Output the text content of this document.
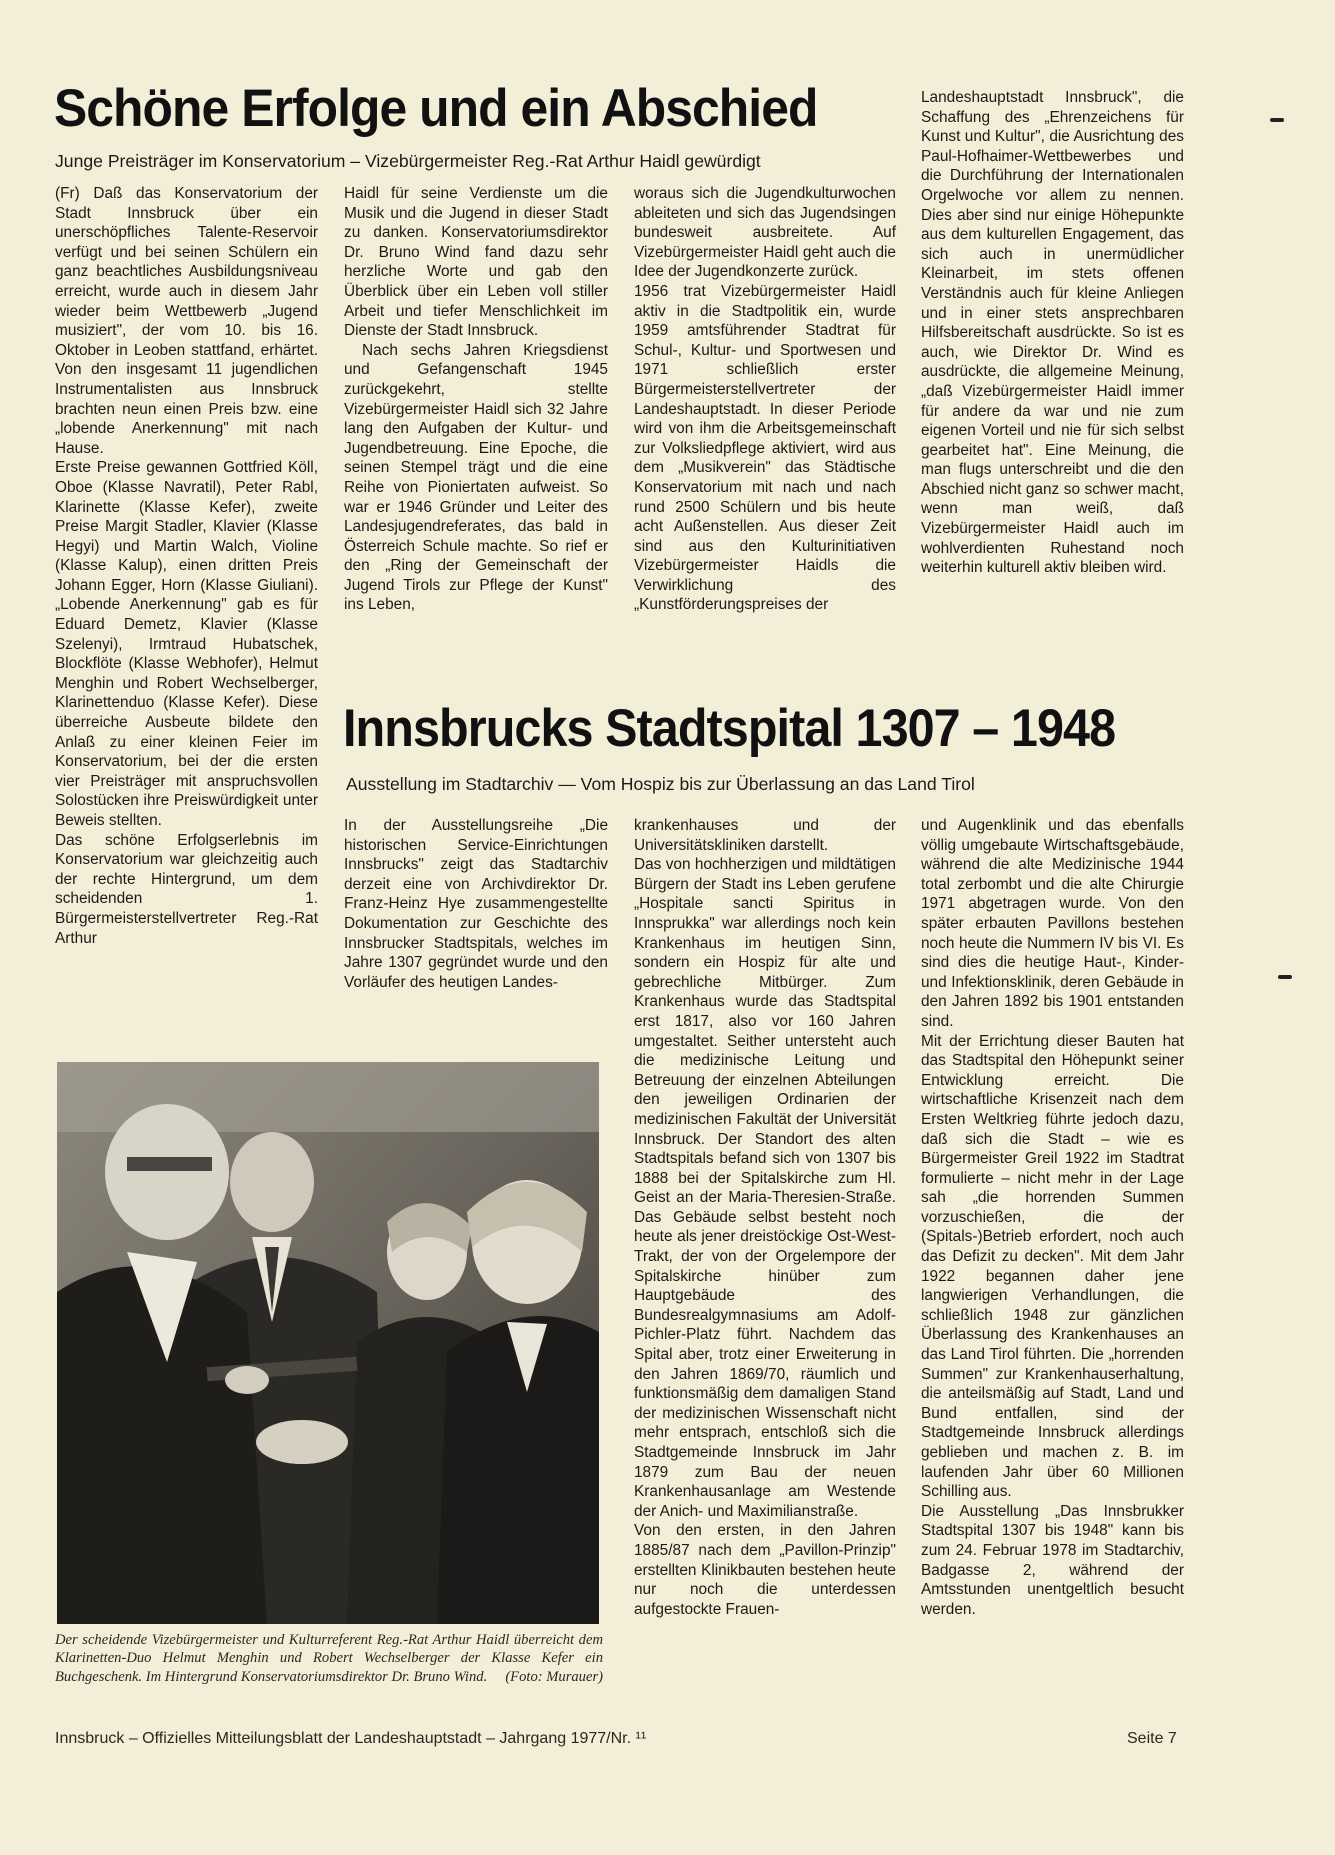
Schöne Erfolge und ein Abschied
Junge Preisträger im Konservatorium – Vizebürgermeister Reg.-Rat Arthur Haidl gewürdigt

(Fr) Daß das Konservatorium der Stadt Innsbruck über ein unerschöpfliches Talente-Reservoir verfügt und bei seinen Schülern ein ganz beachtliches Ausbildungsniveau erreicht, wurde auch in diesem Jahr wieder beim Wettbewerb „Jugend musiziert", der vom 10. bis 16. Oktober in Leoben stattfand, erhärtet. Von den insgesamt 11 jugendlichen Instrumentalisten aus Innsbruck brachten neun einen Preis bzw. eine „lobende Anerkennung" mit nach Hause.

Erste Preise gewannen Gottfried Köll, Oboe (Klasse Navratil), Peter Rabl, Klarinette (Klasse Kefer), zweite Preise Margit Stadler, Klavier (Klasse Hegyi) und Martin Walch, Violine (Klasse Kalup), einen dritten Preis Johann Egger, Horn (Klasse Giuliani). „Lobende Anerkennung" gab es für Eduard Demetz, Klavier (Klasse Szelenyi), Irmtraud Hubatschek, Blockflöte (Klasse Webhofer), Helmut Menghin und Robert Wechselberger, Klarinettenduo (Klasse Kefer). Diese überreiche Ausbeute bildete den Anlaß zu einer kleinen Feier im Konservatorium, bei der die ersten vier Preisträger mit anspruchsvollen Solostücken ihre Preiswürdigkeit unter Beweis stellten.

Das schöne Erfolgserlebnis im Konservatorium war gleichzeitig auch der rechte Hintergrund, um dem scheidenden 1. Bürgermeisterstellvertreter Reg.-Rat Arthur

Haidl für seine Verdienste um die Musik und die Jugend in dieser Stadt zu danken. Konservatoriumsdirektor Dr. Bruno Wind fand dazu sehr herzliche Worte und gab den Überblick über ein Leben voll stiller Arbeit und tiefer Menschlichkeit im Dienste der Stadt Innsbruck.

Nach sechs Jahren Kriegsdienst und Gefangenschaft 1945 zurückgekehrt, stellte Vizebürgermeister Haidl sich 32 Jahre lang den Aufgaben der Kultur- und Jugendbetreuung. Eine Epoche, die seinen Stempel trägt und die eine Reihe von Pioniertaten aufweist. So war er 1946 Gründer und Leiter des Landesjugendreferates, das bald in Österreich Schule machte. So rief er den „Ring der Gemeinschaft der Jugend Tirols zur Pflege der Kunst" ins Leben,

woraus sich die Jugendkulturwochen ableiteten und sich das Jugendsingen bundesweit ausbreitete. Auf Vizebürgermeister Haidl geht auch die Idee der Jugendkonzerte zurück.

1956 trat Vizebürgermeister Haidl aktiv in die Stadtpolitik ein, wurde 1959 amtsführender Stadtrat für Schul-, Kultur- und Sportwesen und 1971 schließlich erster Bürgermeisterstellvertreter der Landeshauptstadt. In dieser Periode wird von ihm die Arbeitsgemeinschaft zur Volksliedpflege aktiviert, wird aus dem „Musikverein" das Städtische Konservatorium mit nach und nach rund 2500 Schülern und bis heute acht Außenstellen. Aus dieser Zeit sind aus den Kulturinitiativen Vizebürgermeister Haidls die Verwirklichung des „Kunstförderungspreises der

Landeshauptstadt Innsbruck", die Schaffung des „Ehrenzeichens für Kunst und Kultur", die Ausrichtung des Paul-Hofhaimer-Wettbewerbes und die Durchführung der Internationalen Orgelwoche vor allem zu nennen. Dies aber sind nur einige Höhepunkte aus dem kulturellen Engagement, das sich auch in unermüdlicher Kleinarbeit, im stets offenen Verständnis auch für kleine Anliegen und in einer stets ansprechbaren Hilfsbereitschaft ausdrückte. So ist es auch, wie Direktor Dr. Wind es ausdrückte, die allgemeine Meinung, „daß Vizebürgermeister Haidl immer für andere da war und nie zum eigenen Vorteil und nie für sich selbst gearbeitet hat". Eine Meinung, die man flugs unterschreibt und die den Abschied nicht ganz so schwer macht, wenn man weiß, daß Vizebürgermeister Haidl auch im wohlverdienten Ruhestand noch weiterhin kulturell aktiv bleiben wird.

Innsbrucks Stadtspital 1307 – 1948
Ausstellung im Stadtarchiv — Vom Hospiz bis zur Überlassung an das Land Tirol

In der Ausstellungsreihe „Die historischen Service-Einrichtungen Innsbrucks" zeigt das Stadtarchiv derzeit eine von Archivdirektor Dr. Franz-Heinz Hye zusammengestellte Dokumentation zur Geschichte des Innsbrucker Stadtspitals, welches im Jahre 1307 gegründet wurde und den Vorläufer des heutigen Landes-

krankenhauses und der Universitätskliniken darstellt.

Das von hochherzigen und mildtätigen Bürgern der Stadt ins Leben gerufene „Hospitale sancti Spiritus in Innsprukka" war allerdings noch kein Krankenhaus im heutigen Sinn, sondern ein Hospiz für alte und gebrechliche Mitbürger. Zum Krankenhaus wurde das Stadtspital erst 1817, also vor 160 Jahren umgestaltet. Seither untersteht auch die medizinische Leitung und Betreuung der einzelnen Abteilungen den jeweiligen Ordinarien der medizinischen Fakultät der Universität Innsbruck. Der Standort des alten Stadtspitals befand sich von 1307 bis 1888 bei der Spitalskirche zum Hl. Geist an der Maria-Theresien-Straße. Das Gebäude selbst besteht noch heute als jener dreistöckige Ost-West-Trakt, der von der Orgelempore der Spitalskirche hinüber zum Hauptgebäude des Bundesrealgymnasiums am Adolf-Pichler-Platz führt. Nachdem das Spital aber, trotz einer Erweiterung in den Jahren 1869/70, räumlich und funktionsmäßig dem damaligen Stand der medizinischen Wissenschaft nicht mehr entsprach, entschloß sich die Stadtgemeinde Innsbruck im Jahr 1879 zum Bau der neuen Krankenhausanlage am Westende der Anich- und Maximilianstraße.

Von den ersten, in den Jahren 1885/87 nach dem „Pavillon-Prinzip" erstellten Klinikbauten bestehen heute nur noch die unterdessen aufgestockte Frauen-

und Augenklinik und das ebenfalls völlig umgebaute Wirtschaftsgebäude, während die alte Medizinische 1944 total zerbombt und die alte Chirurgie 1971 abgetragen wurde. Von den später erbauten Pavillons bestehen noch heute die Nummern IV bis VI. Es sind dies die heutige Haut-, Kinder- und Infektionsklinik, deren Gebäude in den Jahren 1892 bis 1901 entstanden sind.

Mit der Errichtung dieser Bauten hat das Stadtspital den Höhepunkt seiner Entwicklung erreicht. Die wirtschaftliche Krisenzeit nach dem Ersten Weltkrieg führte jedoch dazu, daß sich die Stadt – wie es Bürgermeister Greil 1922 im Stadtrat formulierte – nicht mehr in der Lage sah „die horrenden Summen vorzuschießen, die der (Spitals-)Betrieb erfordert, noch auch das Defizit zu decken". Mit dem Jahr 1922 begannen daher jene langwierigen Verhandlungen, die schließlich 1948 zur gänzlichen Überlassung des Krankenhauses an das Land Tirol führten. Die „horrenden Summen" zur Krankenhauserhaltung, die anteilsmäßig auf Stadt, Land und Bund entfallen, sind der Stadtgemeinde Innsbruck allerdings geblieben und machen z. B. im laufenden Jahr über 60 Millionen Schilling aus.

Die Ausstellung „Das Innsbrukker Stadtspital 1307 bis 1948" kann bis zum 24. Februar 1978 im Stadtarchiv, Badgasse 2, während der Amtsstunden unentgeltlich besucht werden.

Der scheidende Vizebürgermeister und Kulturreferent Reg.-Rat Arthur Haidl überreicht dem Klarinetten-Duo Helmut Menghin und Robert Wechselberger der Klasse Kefer ein Buchgeschenk. Im Hintergrund Konservatoriumsdirektor Dr. Bruno Wind. (Foto: Murauer)
Innsbruck – Offizielles Mitteilungsblatt der Landeshauptstadt – Jahrgang 1977/Nr. ¹¹	Seite 7
